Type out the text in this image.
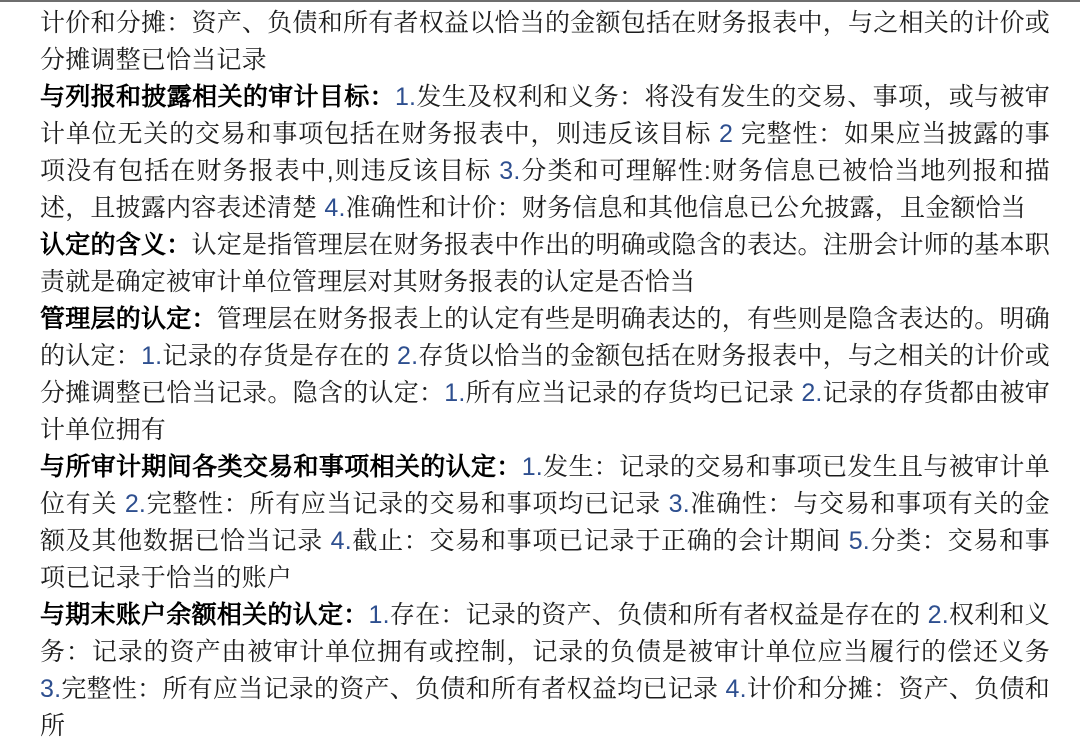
计价和分摊：资产、负债和所有者权益以恰当的金额包括在财务报表中，与之相关的计价或分摊调整已恰当记录

与列报和披露相关的审计目标：1.发生及权利和义务：将没有发生的交易、事项，或与被审计单位无关的交易和事项包括在财务报表中，则违反该目标 2 完整性：如果应当披露的事项没有包括在财务报表中,则违反该目标 3.分类和可理解性:财务信息已被恰当地列报和描述，且披露内容表述清楚 4.准确性和计价：财务信息和其他信息已公允披露，且金额恰当

认定的含义：认定是指管理层在财务报表中作出的明确或隐含的表达。注册会计师的基本职责就是确定被审计单位管理层对其财务报表的认定是否恰当

管理层的认定：管理层在财务报表上的认定有些是明确表达的，有些则是隐含表达的。明确的认定：1.记录的存货是存在的 2.存货以恰当的金额包括在财务报表中，与之相关的计价或分摊调整已恰当记录。隐含的认定：1.所有应当记录的存货均已记录 2.记录的存货都由被审计单位拥有

与所审计期间各类交易和事项相关的认定：1.发生：记录的交易和事项已发生且与被审计单位有关 2.完整性：所有应当记录的交易和事项均已记录 3.准确性：与交易和事项有关的金额及其他数据已恰当记录 4.截止：交易和事项已记录于正确的会计期间 5.分类：交易和事项已记录于恰当的账户

与期末账户余额相关的认定：1.存在：记录的资产、负债和所有者权益是存在的 2.权利和义务：记录的资产由被审计单位拥有或控制，记录的负债是被审计单位应当履行的偿还义务 3.完整性：所有应当记录的资产、负债和所有者权益均已记录 4.计价和分摊：资产、负债和所
